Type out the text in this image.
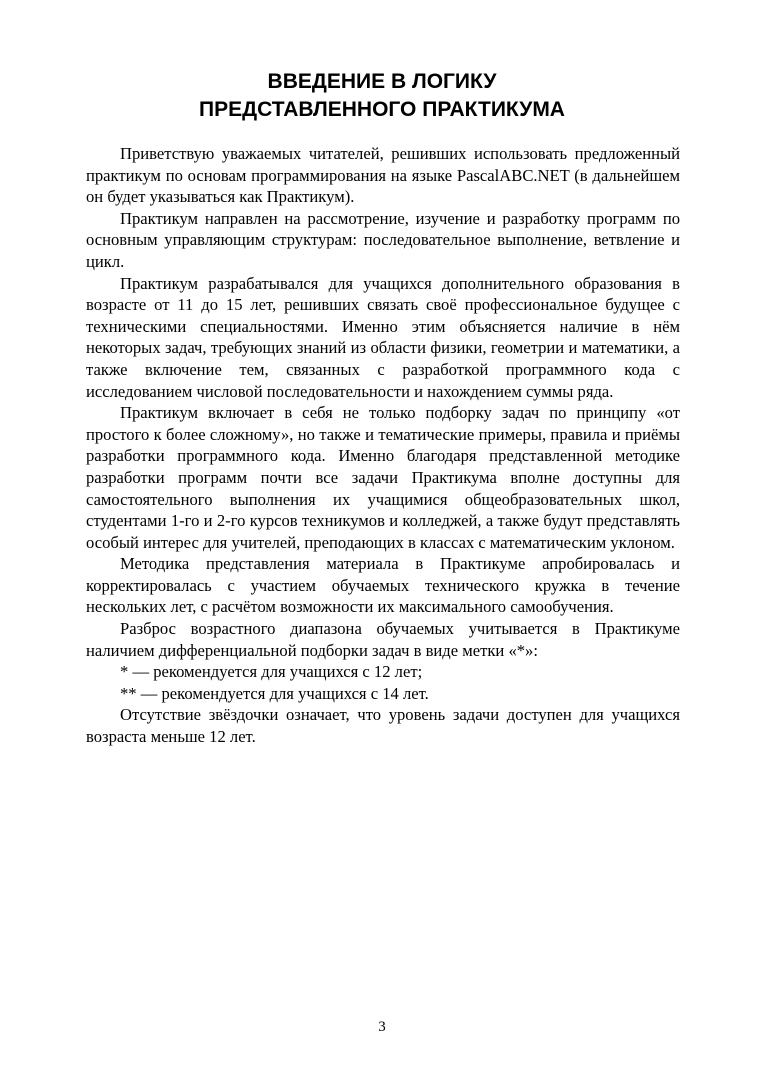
ВВЕДЕНИЕ В ЛОГИКУ
ПРЕДСТАВЛЕННОГО ПРАКТИКУМА

Приветствую уважаемых читателей, решивших использовать предложенный практикум по основам программирования на языке PascalABC.NET (в дальнейшем он будет указываться как Практикум).

Практикум направлен на рассмотрение, изучение и разработку программ по основным управляющим структурам: последовательное выполнение, ветвление и цикл.

Практикум разрабатывался для учащихся дополнительного образования в возрасте от 11 до 15 лет, решивших связать своё профессиональное будущее с техническими специальностями. Именно этим объясняется наличие в нём некоторых задач, требующих знаний из области физики, геометрии и математики, а также включение тем, связанных с разработкой программного кода с исследованием числовой последовательности и нахождением суммы ряда.

Практикум включает в себя не только подборку задач по принципу «от простого к более сложному», но также и тематические примеры, правила и приёмы разработки программного кода. Именно благодаря представленной методике разработки программ почти все задачи Практикума вполне доступны для самостоятельного выполнения их учащимися общеобразовательных школ, студентами 1-го и 2-го курсов техникумов и колледжей, а также будут представлять особый интерес для учителей, преподающих в классах с математическим уклоном.

Методика представления материала в Практикуме апробировалась и корректировалась с участием обучаемых технического кружка в течение нескольких лет, с расчётом возможности их максимального самообучения.

Разброс возрастного диапазона обучаемых учитывается в Практикуме наличием дифференциальной подборки задач в виде метки «*»:

* — рекомендуется для учащихся с 12 лет;

** — рекомендуется для учащихся с 14 лет.

Отсутствие звёздочки означает, что уровень задачи доступен для учащихся возраста меньше 12 лет.

3
